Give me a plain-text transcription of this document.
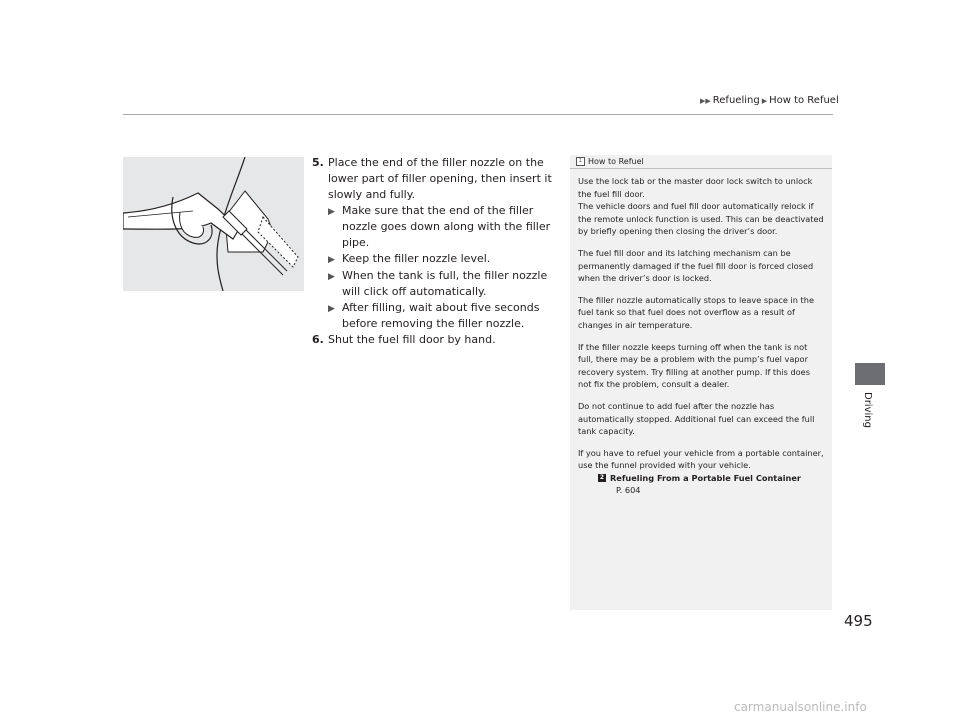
▶▶ Refueling ▶ How to Refuel
5. Place the end of the filler nozzle on the lower part of filler opening, then insert it slowly and fully.
▶ Make sure that the end of the filler nozzle goes down along with the filler pipe.
▶ Keep the filler nozzle level.
▶ When the tank is full, the filler nozzle will click off automatically.
▶ After filling, wait about five seconds before removing the filler nozzle.
6. Shut the fuel fill door by hand.
1 How to Refuel

Use the lock tab or the master door lock switch to unlock the fuel fill door.
The vehicle doors and fuel fill door automatically relock if the remote unlock function is used. This can be deactivated by briefly opening then closing the driver’s door.

The fuel fill door and its latching mechanism can be permanently damaged if the fuel fill door is forced closed when the driver’s door is locked.

The filler nozzle automatically stops to leave space in the fuel tank so that fuel does not overflow as a result of changes in air temperature.

If the filler nozzle keeps turning off when the tank is not full, there may be a problem with the pump’s fuel vapor recovery system. Try filling at another pump. If this does not fix the problem, consult a dealer.

Do not continue to add fuel after the nozzle has automatically stopped. Additional fuel can exceed the full tank capacity.

If you have to refuel your vehicle from a portable container, use the funnel provided with your vehicle.

2 Refueling From a Portable Fuel Container
P. 604
Driving
495
carmanualsonline.info
